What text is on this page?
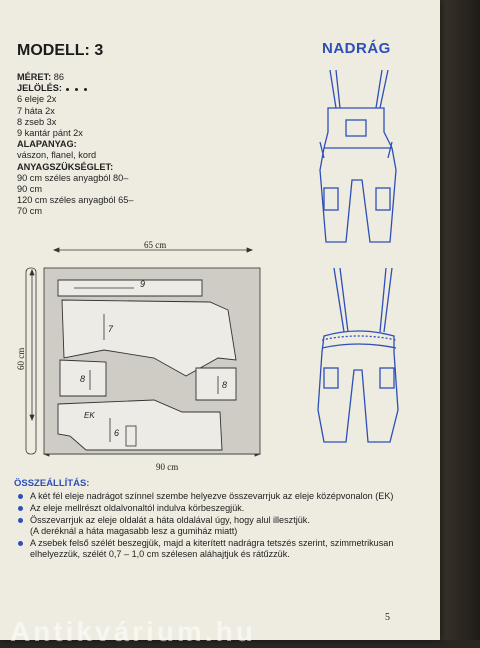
MODELL: 3	NADRÁG
MÉRET: 86
JELÖLÉS:
6 eleje 2x
7 háta 2x
8 zseb 3x
9 kantár pánt 2x
ALAPANYAG:
vászon, flanel, kord
ANYAGSZÜKSÉGLET:
90 cm széles anyagból 80–
90 cm
120 cm széles anyagból 65–
70 cm
65 cm
60 cm
90 cm
9
7
8
8
EK
6
ÖSSZEÁLLÍTÁS:
A két fél eleje nadrágot színnel szembe helyezve összevarrjuk az eleje középvonalon (EK)
Az eleje mellrészt oldalvonaltól indulva körbeszegjük.
Összevarrjuk az eleje oldalát a háta oldalával úgy, hogy alul illesztjük.
(A deréknál a háta magasabb lesz a gumiház miatt)
A zsebek felső szélét beszegjük, majd a kiterített nadrágra tetszés szerint, szimmetrikusan elhelyezzük, szélét 0,7 – 1,0 cm szélesen aláhajtjuk és rátűzzük.
5
Antikvárium.hu
